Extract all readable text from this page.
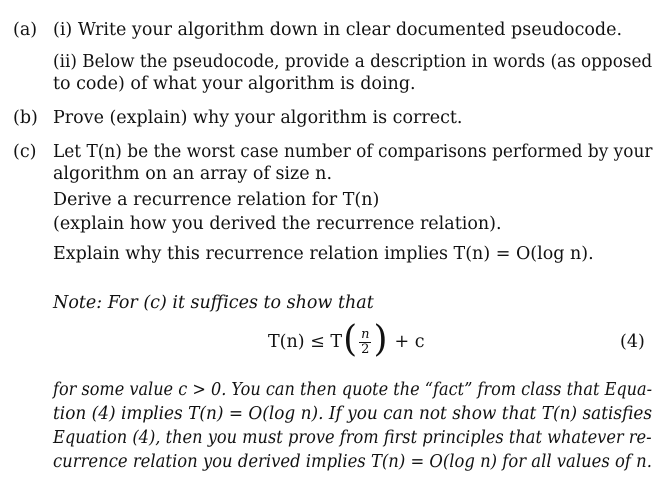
(a) (i) Write your algorithm down in clear documented pseudocode.
(ii) Below the pseudocode, provide a description in words (as opposed
to code) of what your algorithm is doing.
(b) Prove (explain) why your algorithm is correct.
(c) Let T(n) be the worst case number of comparisons performed by your
algorithm on an array of size n.
Derive a recurrence relation for T(n)
(explain how you derived the recurrence relation).
Explain why this recurrence relation implies T(n) = O(log n).
Note: For (c) it suffices to show that
T(n) ≤ T ( $\frac{n}{2}$ ) + c	(4)
for some value c > 0. You can then quote the “fact” from class that Equa-
tion (4) implies T(n) = O(log n). If you can not show that T(n) satisfies
Equation (4), then you must prove from first principles that whatever re-
currence relation you derived implies T(n) = O(log n) for all values of n.
